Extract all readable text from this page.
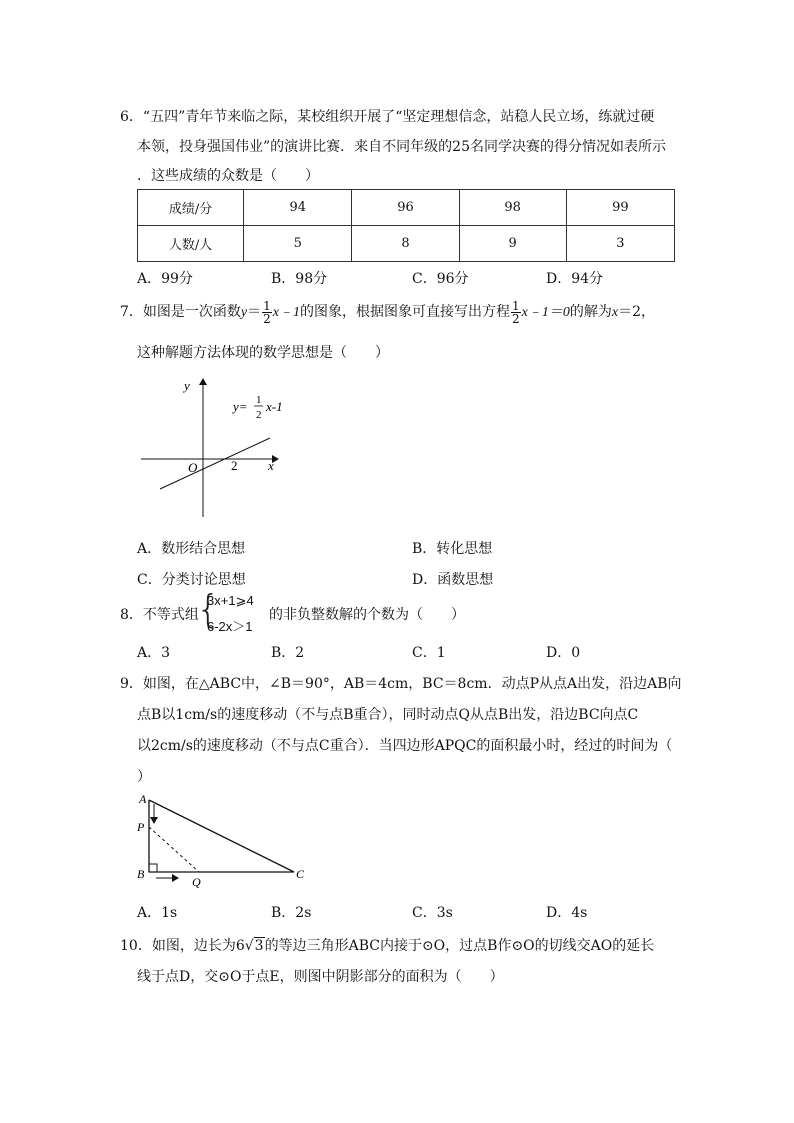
6．“五四”青年节来临之际，某校组织开展了“坚定理想信念，站稳人民立场，练就过硬
本领，投身强国伟业”的演讲比赛．来自不同年级的25名同学决赛的得分情况如表所示
．这些成绩的众数是（　　）
成绩/分	94	96	98	99
人数/人	5	8	9	3
A．99分	B．98分	C．96分	D．94分
7．如图是一次函数$y= \frac{1}{2}$ x﹣1的图象，根据图象可直接写出方程 $\frac{1}{2}$ x﹣1＝0的解为x＝2，
这种解题方法体现的数学思想是（　　）
y
x
O	2
y= 1
2
x-1
A．数形结合思想	B．转化思想
C．分类讨论思想	D．函数思想
8．不等式组
{
3x+1⩾4
6-2x＞1
的非负整数解的个数为（　　）
A．3	B．2	C．1	D．0
9．如图，在△ABC中，∠B＝90°，AB＝4cm，BC＝8cm．动点P从点A出发，沿边AB向
点B以1cm/s的速度移动（不与点B重合），同时动点Q从点B出发，沿边BC向点C
以2cm/s的速度移动（不与点C重合）．当四边形APQC的面积最小时，经过的时间为（
）
A
P
B
Q
C
A．1s	B．2s	C．3s	D．4s
10．如图，边长为6√3的等边三角形ABC内接于⊙O，过点B作⊙O的切线交AO的延长
线于点D，交⊙O于点E，则图中阴影部分的面积为（　　）
